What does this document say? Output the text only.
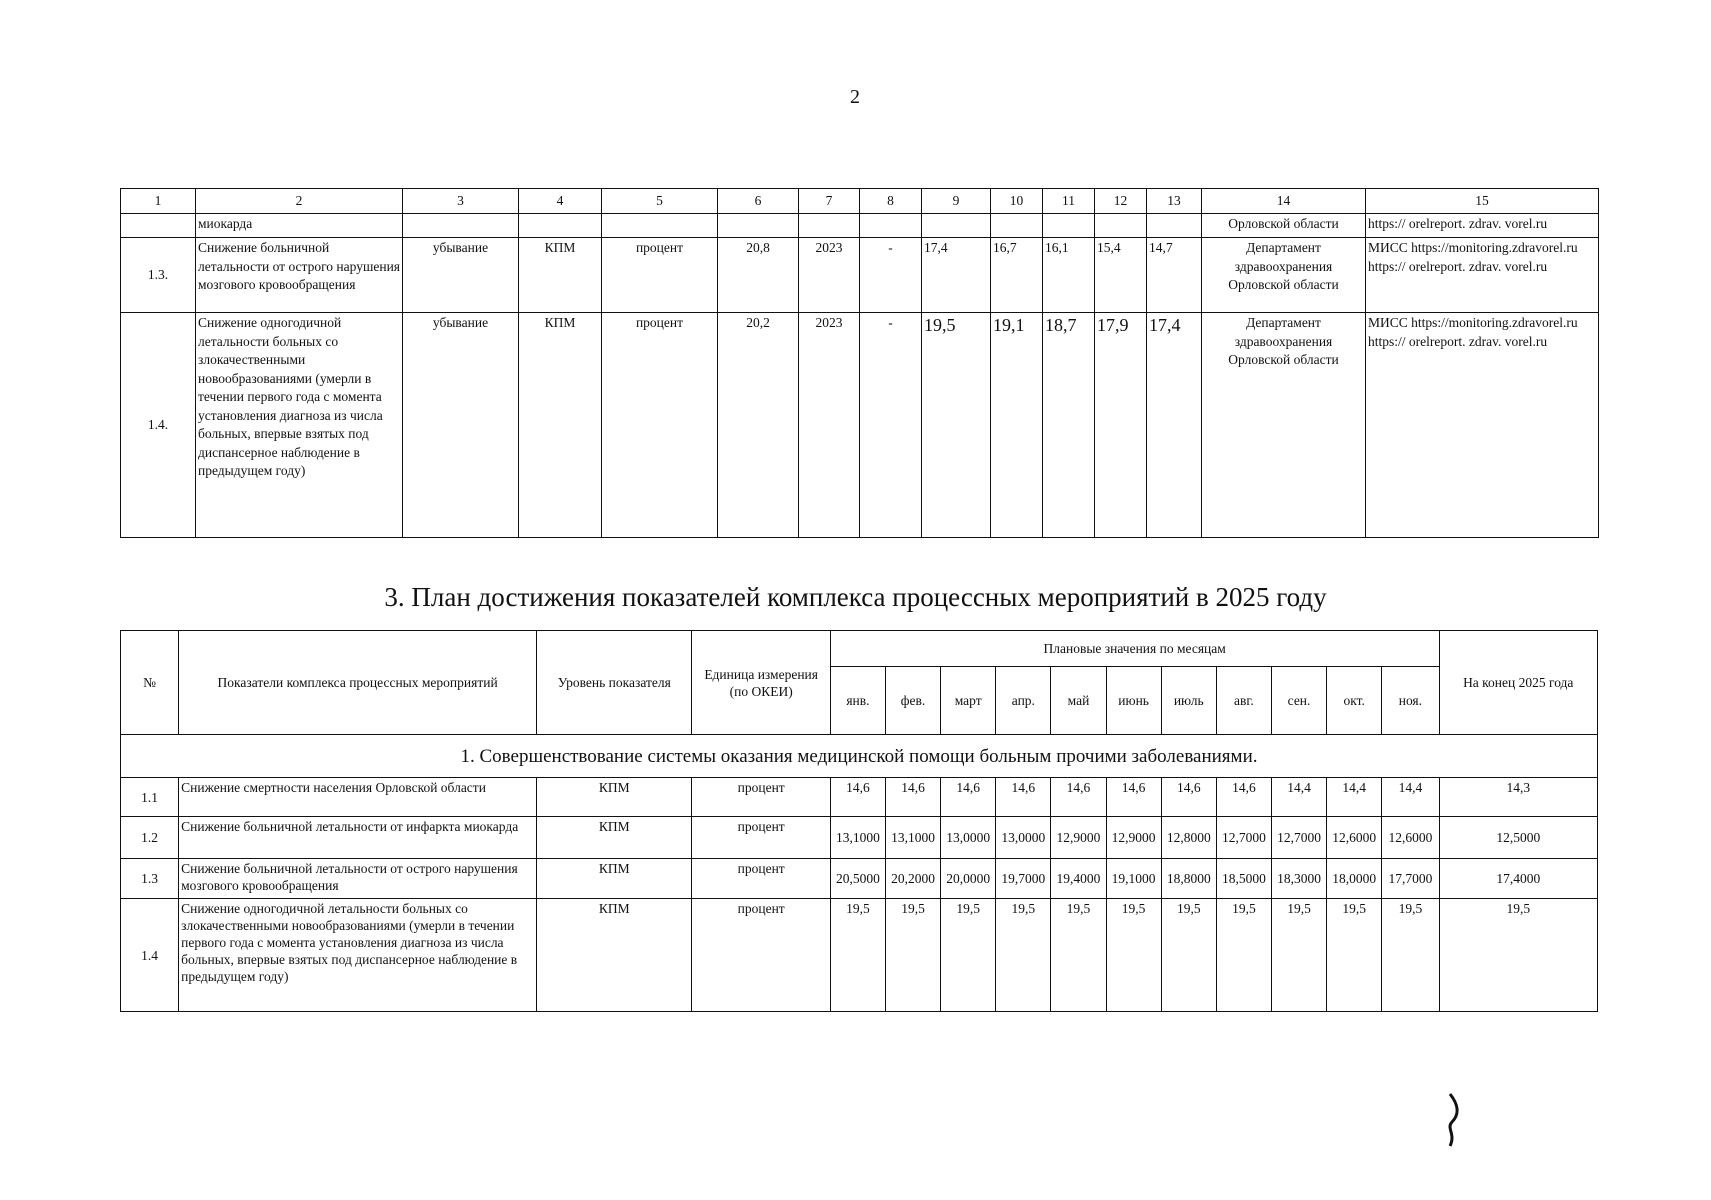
2
1	2	3	4	5	6	7	8	9	10	11	12	13	14	15
	миокарда												Орловской области	https:// orelreport. zdrav. vorel.ru
1.3.	Снижение больничной летальности от острого нарушения мозгового кровообращения	убывание	КПМ	процент	20,8	2023	-	17,4	16,7	16,1	15,4	14,7	Департамент здравоохранения Орловской области	МИСС https://monitoring.zdravorel.ru https:// orelreport. zdrav. vorel.ru
1.4.	Снижение одногодичной летальности больных со злокачественными новообразованиями (умерли в течении первого года с момента установления диагноза из числа больных, впервые взятых под диспансерное наблюдение в предыдущем году)	убывание	КПМ	процент	20,2	2023	-	19,5	19,1	18,7	17,9	17,4	Департамент здравоохранения Орловской области	МИСС https://monitoring.zdravorel.ru https:// orelreport. zdrav. vorel.ru
3. План достижения показателей комплекса процессных мероприятий в 2025 году
№	Показатели комплекса процессных мероприятий	Уровень показателя	Единица измерения (по ОКЕИ)	Плановые значения по месяцам											На конец 2025 года
				янв.	фев.	март	апр.	май	июнь	июль	авг.	сен.	окт.	ноя.	
1. Совершенствование системы оказания медицинской помощи больным прочими заболеваниями.															
1.1	Снижение смертности населения Орловской области	КПМ	процент	14,6	14,6	14,6	14,6	14,6	14,6	14,6	14,6	14,4	14,4	14,4	14,3
1.2	Снижение больничной летальности от инфаркта миокарда	КПМ	процент	13,1000	13,1000	13,0000	13,0000	12,9000	12,9000	12,8000	12,7000	12,7000	12,6000	12,6000	12,5000
1.3	Снижение больничной летальности от острого нарушения мозгового кровообращения	КПМ	процент	20,5000	20,2000	20,0000	19,7000	19,4000	19,1000	18,8000	18,5000	18,3000	18,0000	17,7000	17,4000
1.4	Снижение одногодичной летальности больных со злокачественными новообразованиями (умерли в течении первого года с момента установления диагноза из числа больных, впервые взятых под диспансерное наблюдение в предыдущем году)	КПМ	процент	19,5	19,5	19,5	19,5	19,5	19,5	19,5	19,5	19,5	19,5	19,5	19,5
